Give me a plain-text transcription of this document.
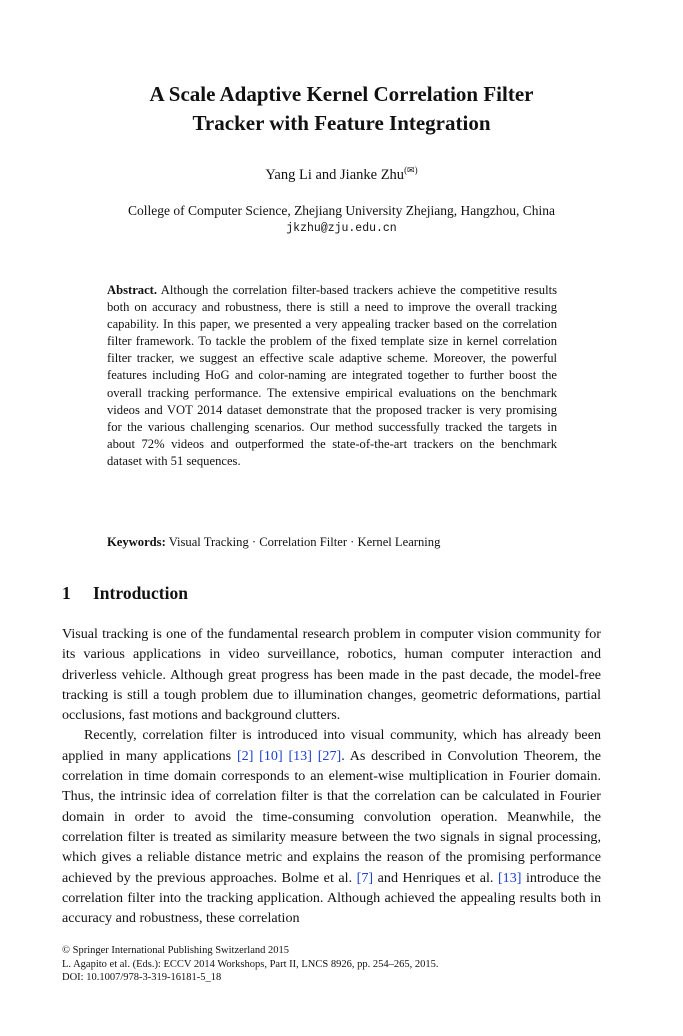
A Scale Adaptive Kernel Correlation Filter
Tracker with Feature Integration
Yang Li and Jianke Zhu(✉)
College of Computer Science, Zhejiang University Zhejiang, Hangzhou, China
jkzhu@zju.edu.cn
Abstract. Although the correlation filter-based trackers achieve the competitive results both on accuracy and robustness, there is still a need to improve the overall tracking capability. In this paper, we presented a very appealing tracker based on the correlation filter framework. To tackle the problem of the fixed template size in kernel correlation filter tracker, we suggest an effective scale adaptive scheme. Moreover, the powerful features including HoG and color-naming are integrated together to further boost the overall tracking performance. The extensive empirical evaluations on the benchmark videos and VOT 2014 dataset demonstrate that the proposed tracker is very promising for the various challenging scenarios. Our method successfully tracked the targets in about 72% videos and outperformed the state-of-the-art trackers on the benchmark dataset with 51 sequences.
Keywords: Visual Tracking · Correlation Filter · Kernel Learning
1 Introduction

Visual tracking is one of the fundamental research problem in computer vision community for its various applications in video surveillance, robotics, human computer interaction and driverless vehicle. Although great progress has been made in the past decade, the model-free tracking is still a tough problem due to illumination changes, geometric deformations, partial occlusions, fast motions and background clutters.

Recently, correlation filter is introduced into visual community, which has already been applied in many applications [2] [10] [13] [27]. As described in Convolution Theorem, the correlation in time domain corresponds to an element-wise multiplication in Fourier domain. Thus, the intrinsic idea of correlation filter is that the correlation can be calculated in Fourier domain in order to avoid the time-consuming convolution operation. Meanwhile, the correlation filter is treated as similarity measure between the two signals in signal processing, which gives a reliable distance metric and explains the reason of the promising performance achieved by the previous approaches. Bolme et al. [7] and Henriques et al. [13] introduce the correlation filter into the tracking application. Although achieved the appealing results both in accuracy and robustness, these correlation

© Springer International Publishing Switzerland 2015
L. Agapito et al. (Eds.): ECCV 2014 Workshops, Part II, LNCS 8926, pp. 254–265, 2015.
DOI: 10.1007/978-3-319-16181-5_18
